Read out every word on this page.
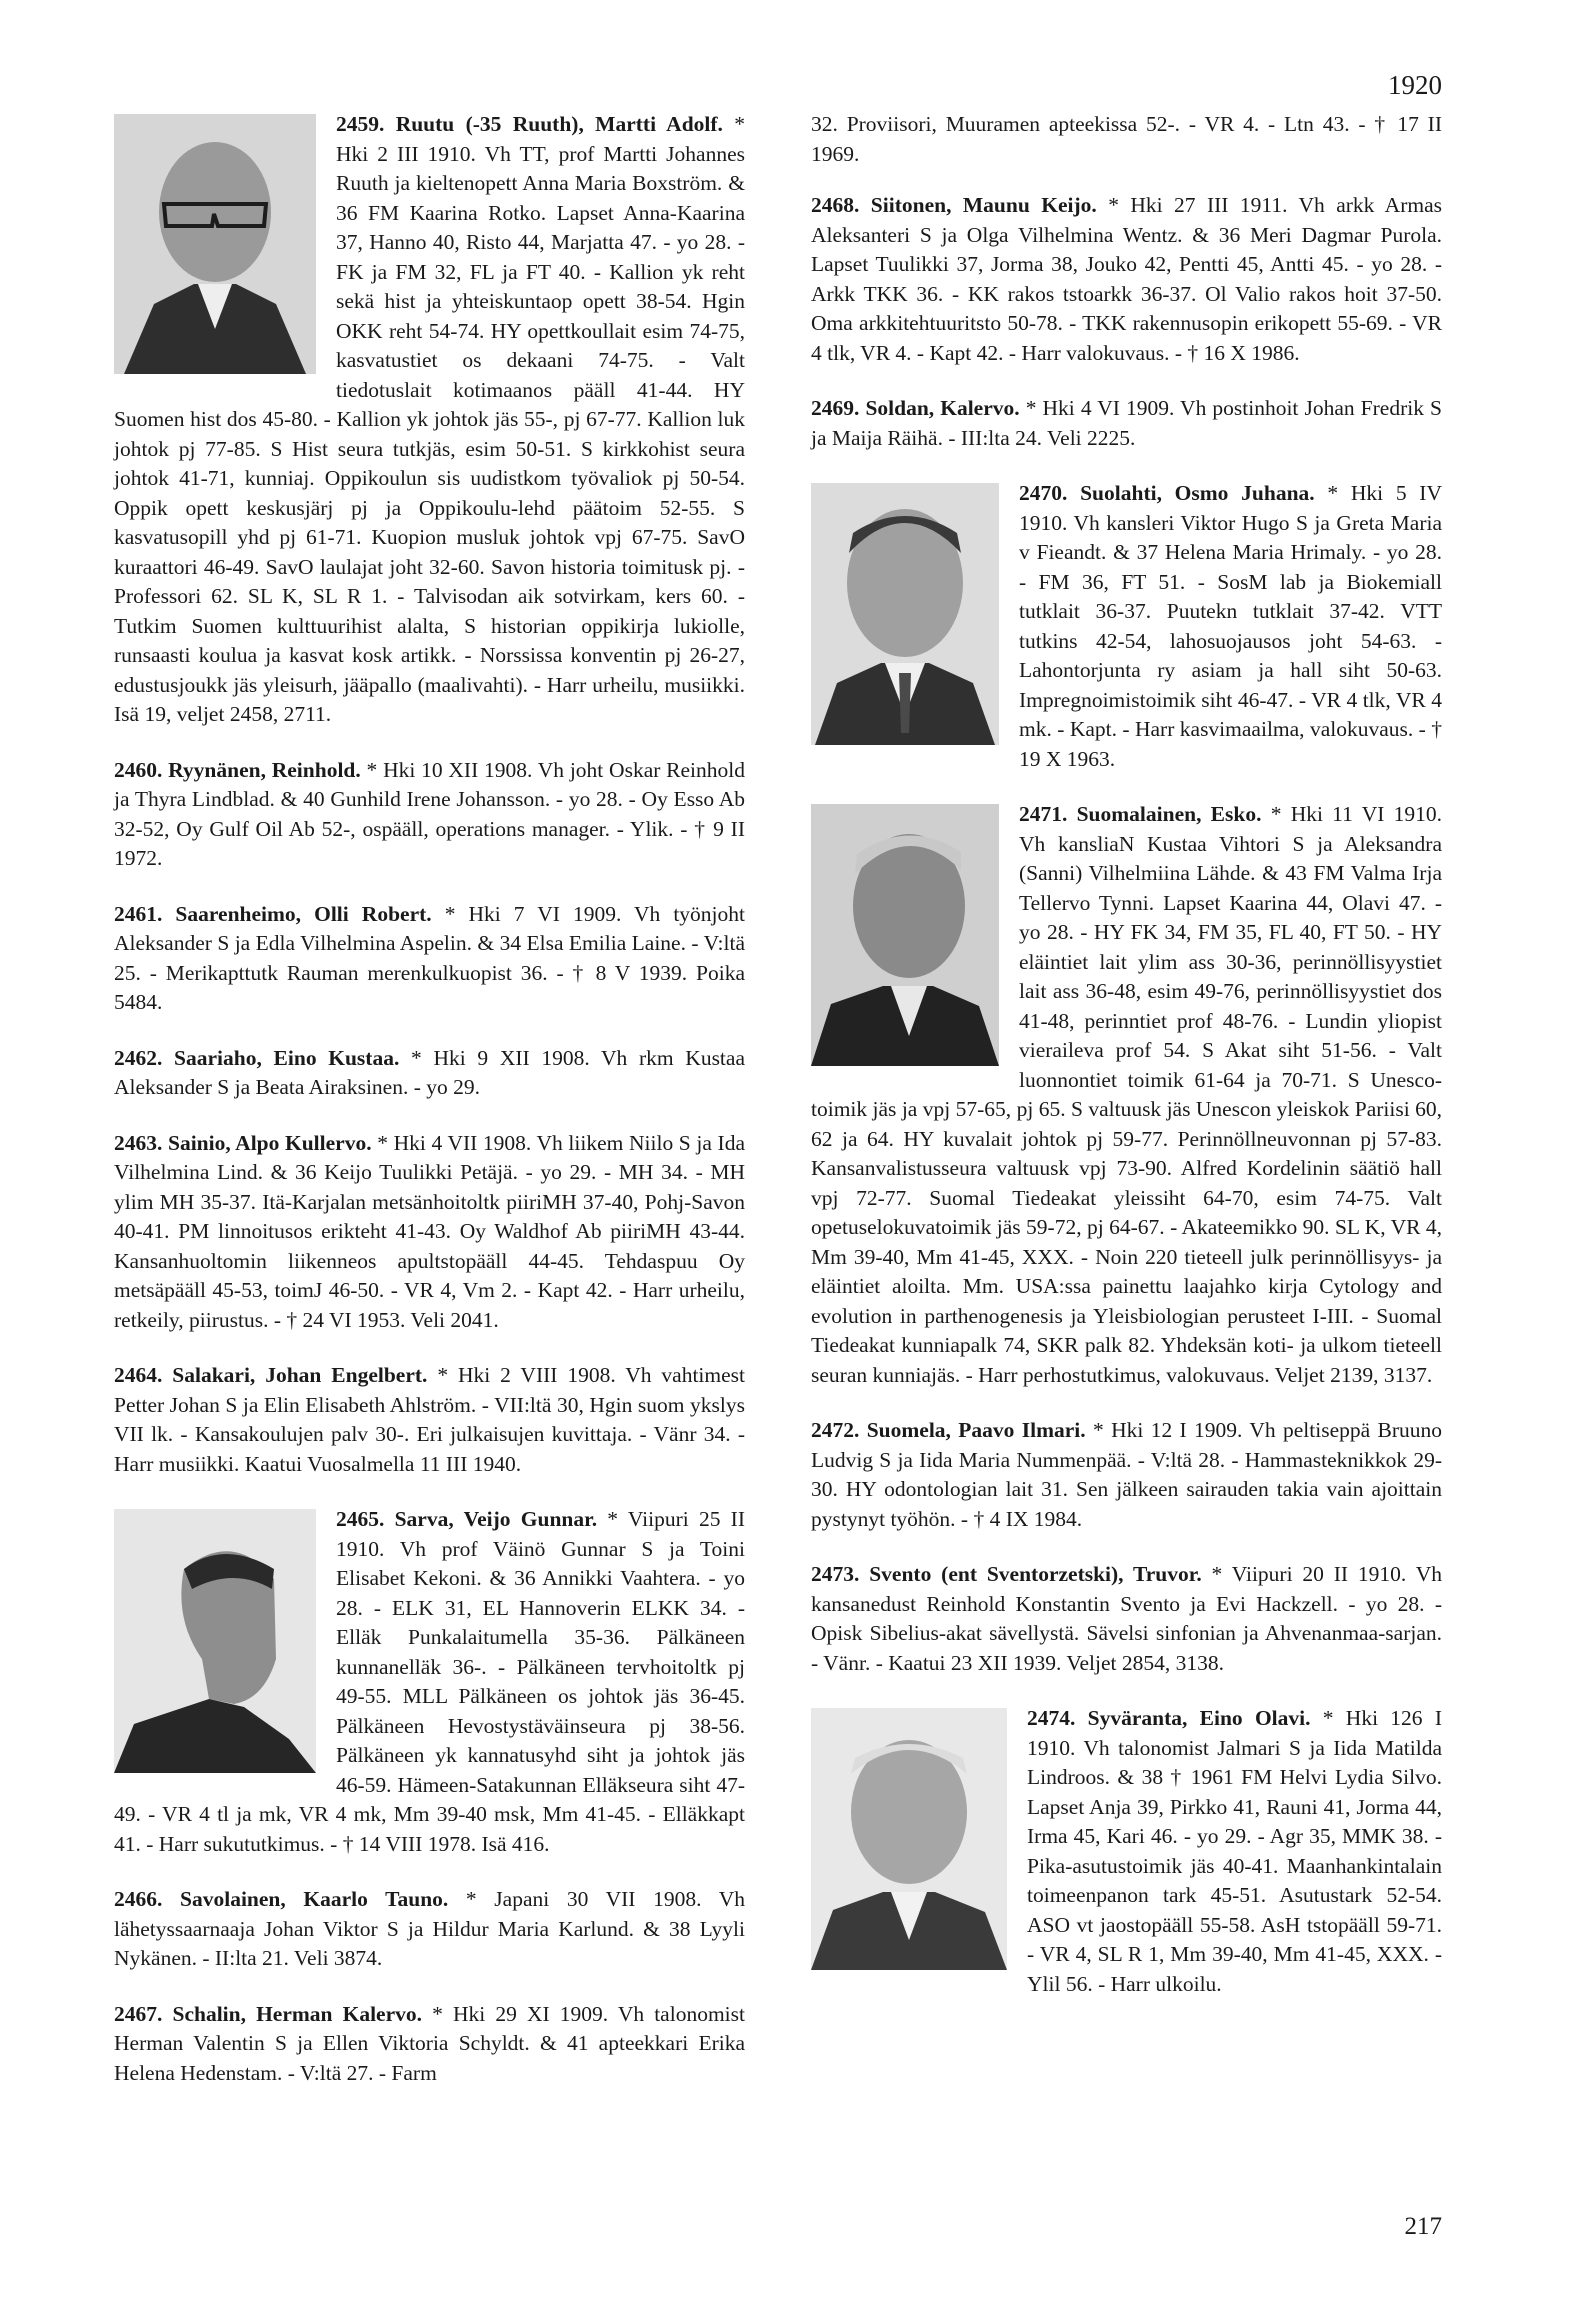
1920
2459. Ruutu (-35 Ruuth), Martti Adolf. * Hki 2 III 1910. Vh TT, prof Martti Johannes Ruuth ja kieltenopett Anna Maria Boxström. & 36 FM Kaarina Rotko. Lapset Anna-Kaarina 37, Hanno 40, Risto 44, Marjatta 47. - yo 28. - FK ja FM 32, FL ja FT 40. - Kallion yk reht sekä hist ja yhteiskuntaop opett 38-54. Hgin OKK reht 54-74. HY opettkoullait esim 74-75, kasvatustiet os dekaani 74-75. - Valt tiedotuslait kotimaanos pääll 41-44. HY Suomen hist dos 45-80. - Kallion yk johtok jäs 55-, pj 67-77. Kallion luk johtok pj 77-85. S Hist seura tutkjäs, esim 50-51. S kirkkohist seura johtok 41-71, kunniaj. Oppikoulun sis uudistkom työvaliok pj 50-54. Oppik opett keskusjärj pj ja Oppikoulu-lehd päätoim 52-55. S kasvatusopill yhd pj 61-71. Kuopion musluk johtok vpj 67-75. SavO kuraattori 46-49. SavO laulajat joht 32-60. Savon historia toimitusk pj. - Professori 62. SL K, SL R 1. - Talvisodan aik sotvirkam, kers 60. - Tutkim Suomen kulttuurihist alalta, S historian oppikirja lukiolle, runsaasti koulua ja kasvat kosk artikk. - Norssissa konventin pj 26-27, edustusjoukk jäs yleisurh, jääpallo (maalivahti). - Harr urheilu, musiikki. Isä 19, veljet 2458, 2711.
2460. Ryynänen, Reinhold. * Hki 10 XII 1908. Vh joht Oskar Reinhold ja Thyra Lindblad. & 40 Gunhild Irene Johansson. - yo 28. - Oy Esso Ab 32-52, Oy Gulf Oil Ab 52-, ospääll, operations manager. - Ylik. - † 9 II 1972.
2461. Saarenheimo, Olli Robert. * Hki 7 VI 1909. Vh työnjoht Aleksander S ja Edla Vilhelmina Aspelin. & 34 Elsa Emilia Laine. - V:ltä 25. - Merikapttutk Rauman merenkulkuopist 36. - † 8 V 1939. Poika 5484.
2462. Saariaho, Eino Kustaa. * Hki 9 XII 1908. Vh rkm Kustaa Aleksander S ja Beata Airaksinen. - yo 29.
2463. Sainio, Alpo Kullervo. * Hki 4 VII 1908. Vh liikem Niilo S ja Ida Vilhelmina Lind. & 36 Keijo Tuulikki Petäjä. - yo 29. - MH 34. - MH ylim MH 35-37. Itä-Karjalan metsänhoitoltk piiriMH 37-40, Pohj-Savon 40-41. PM linnoitusos erikteht 41-43. Oy Waldhof Ab piiriMH 43-44. Kansanhuoltomin liikenneos apultstopääll 44-45. Tehdaspuu Oy metsäpääll 45-53, toimJ 46-50. - VR 4, Vm 2. - Kapt 42. - Harr urheilu, retkeily, piirustus. - † 24 VI 1953. Veli 2041.
2464. Salakari, Johan Engelbert. * Hki 2 VIII 1908. Vh vahtimest Petter Johan S ja Elin Elisabeth Ahlström. - VII:ltä 30, Hgin suom ykslys VII lk. - Kansakoulujen palv 30-. Eri julkaisujen kuvittaja. - Vänr 34. - Harr musiikki. Kaatui Vuosalmella 11 III 1940.
2465. Sarva, Veijo Gunnar. * Viipuri 25 II 1910. Vh prof Väinö Gunnar S ja Toini Elisabet Kekoni. & 36 Annikki Vaahtera. - yo 28. - ELK 31, EL Hannoverin ELKK 34. - Elläk Punkalaitumella 35-36. Pälkäneen kunnanelläk 36-. - Pälkäneen tervhoitoltk pj 49-55. MLL Pälkäneen os johtok jäs 36-45. Pälkäneen Hevostystäväinseura pj 38-56. Pälkäneen yk kannatusyhd siht ja johtok jäs 46-59. Hämeen-Satakunnan Elläkseura siht 47-49. - VR 4 tl ja mk, VR 4 mk, Mm 39-40 msk, Mm 41-45. - Elläkkapt 41. - Harr sukututkimus. - † 14 VIII 1978. Isä 416.
2466. Savolainen, Kaarlo Tauno. * Japani 30 VII 1908. Vh lähetyssaarnaaja Johan Viktor S ja Hildur Maria Karlund. & 38 Lyyli Nykänen. - II:lta 21. Veli 3874.
2467. Schalin, Herman Kalervo. * Hki 29 XI 1909. Vh talonomist Herman Valentin S ja Ellen Viktoria Schyldt. & 41 apteekkari Erika Helena Hedenstam. - V:ltä 27. - Farm
32. Proviisori, Muuramen apteekissa 52-. - VR 4. - Ltn 43. - † 17 II 1969.
2468. Siitonen, Maunu Keijo. * Hki 27 III 1911. Vh arkk Armas Aleksanteri S ja Olga Vilhelmina Wentz. & 36 Meri Dagmar Purola. Lapset Tuulikki 37, Jorma 38, Jouko 42, Pentti 45, Antti 45. - yo 28. - Arkk TKK 36. - KK rakos tstoarkk 36-37. Ol Valio rakos hoit 37-50. Oma arkkitehtuuritsto 50-78. - TKK rakennusopin erikopett 55-69. - VR 4 tlk, VR 4. - Kapt 42. - Harr valokuvaus. - † 16 X 1986.
2469. Soldan, Kalervo. * Hki 4 VI 1909. Vh postinhoit Johan Fredrik S ja Maija Räihä. - III:lta 24. Veli 2225.
2470. Suolahti, Osmo Juhana. * Hki 5 IV 1910. Vh kansleri Viktor Hugo S ja Greta Maria v Fieandt. & 37 Helena Maria Hrimaly. - yo 28. - FM 36, FT 51. - SosM lab ja Biokemiall tutklait 36-37. Puutekn tutklait 37-42. VTT tutkins 42-54, lahosuojausos joht 54-63. - Lahontorjunta ry asiam ja hall siht 50-63. Impregnoimistoimik siht 46-47. - VR 4 tlk, VR 4 mk. - Kapt. - Harr kasvimaailma, valokuvaus. - † 19 X 1963.
2471. Suomalainen, Esko. * Hki 11 VI 1910. Vh kansliaN Kustaa Vihtori S ja Aleksandra (Sanni) Vilhelmiina Lähde. & 43 FM Valma Irja Tellervo Tynni. Lapset Kaarina 44, Olavi 47. - yo 28. - HY FK 34, FM 35, FL 40, FT 50. - HY eläintiet lait ylim ass 30-36, perinnöllisyystiet lait ass 36-48, esim 49-76, perinnöllisyystiet dos 41-48, perinntiet prof 48-76. - Lundin yliopist vieraileva prof 54. S Akat siht 51-56. - Valt luonnontiet toimik 61-64 ja 70-71. S Unesco-toimik jäs ja vpj 57-65, pj 65. S valtuusk jäs Unescon yleiskok Pariisi 60, 62 ja 64. HY kuvalait johtok pj 59-77. Perinnöllneuvonnan pj 57-83. Kansanvalistusseura valtuusk vpj 73-90. Alfred Kordelinin säätiö hall vpj 72-77. Suomal Tiedeakat yleissiht 64-70, esim 74-75. Valt opetuselokuvatoimik jäs 59-72, pj 64-67. - Akateemikko 90. SL K, VR 4, Mm 39-40, Mm 41-45, XXX. - Noin 220 tieteell julk perinnöllisyys- ja eläintiet aloilta. Mm. USA:ssa painettu laajahko kirja Cytology and evolution in parthenogenesis ja Yleisbiologian perusteet I-III. - Suomal Tiedeakat kunniapalk 74, SKR palk 82. Yhdeksän koti- ja ulkom tieteell seuran kunniajäs. - Harr perhostutkimus, valokuvaus. Veljet 2139, 3137.
2472. Suomela, Paavo Ilmari. * Hki 12 I 1909. Vh peltiseppä Bruuno Ludvig S ja Iida Maria Nummenpää. - V:ltä 28. - Hammasteknikkok 29-30. HY odontologian lait 31. Sen jälkeen sairauden takia vain ajoittain pystynyt työhön. - † 4 IX 1984.
2473. Svento (ent Sventorzetski), Truvor. * Viipuri 20 II 1910. Vh kansanedust Reinhold Konstantin Svento ja Evi Hackzell. - yo 28. - Opisk Sibelius-akat sävellystä. Sävelsi sinfonian ja Ahvenanmaa-sarjan. - Vänr. - Kaatui 23 XII 1939. Veljet 2854, 3138.
2474. Syväranta, Eino Olavi. * Hki 126 I 1910. Vh talonomist Jalmari S ja Iida Matilda Lindroos. & 38 † 1961 FM Helvi Lydia Silvo. Lapset Anja 39, Pirkko 41, Rauni 41, Jorma 44, Irma 45, Kari 46. - yo 29. - Agr 35, MMK 38. - Pika-asutustoimik jäs 40-41. Maanhankintalain toimeenpanon tark 45-51. Asutustark 52-54. ASO vt jaostopääll 55-58. AsH tstopääll 59-71. - VR 4, SL R 1, Mm 39-40, Mm 41-45, XXX. - Ylil 56. - Harr ulkoilu.
217
